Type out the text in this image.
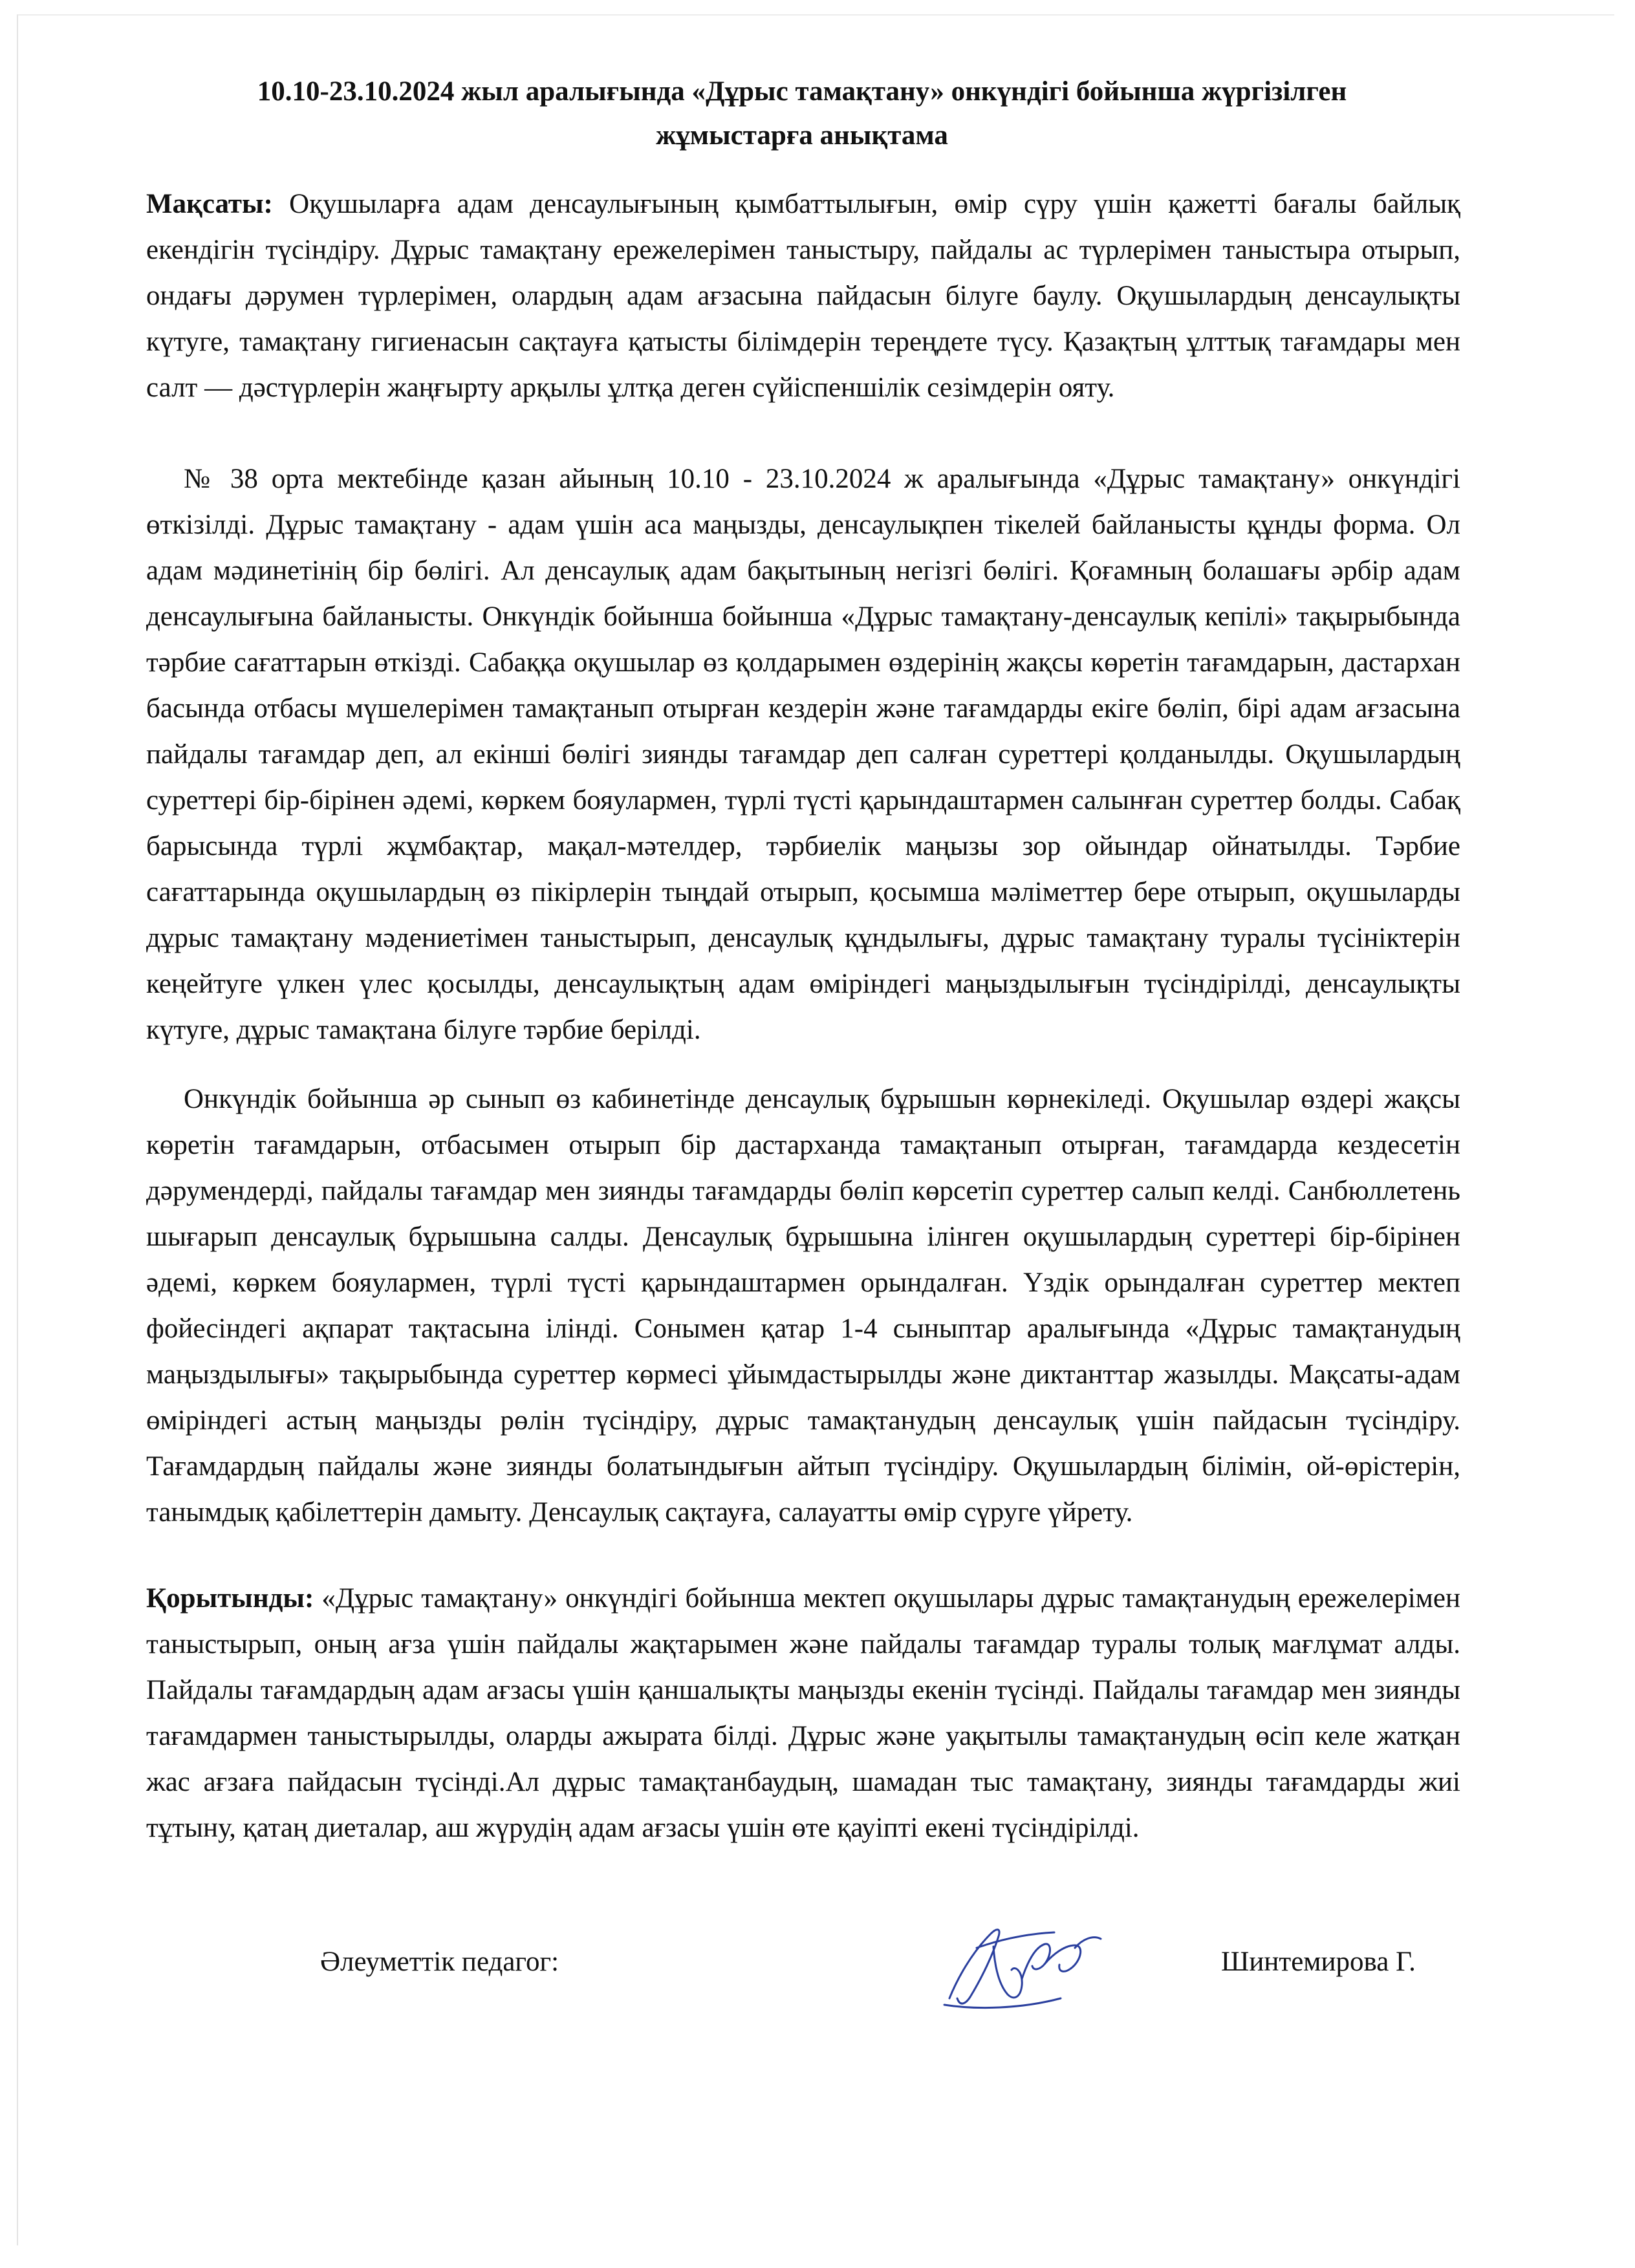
10.10-23.10.2024 жыл аралығында «Дұрыс тамақтану» онкүндігі бойынша жүргізілген
жұмыстарға анықтама

Мақсаты: Оқушыларға адам денсаулығының қымбаттылығын, өмір сүру үшін қажетті бағалы байлық екендігін түсіндіру. Дұрыс тамақтану ережелерімен таныстыру, пайдалы ас түрлерімен таныстыра отырып, ондағы дәрумен түрлерімен, олардың адам ағзасына пайдасын білуге баулу. Оқушылардың денсаулықты күтуге, тамақтану гигиенасын сақтауға қатысты білімдерін тереңдете түсу. Қазақтың ұлттық тағамдары мен салт — дәстүрлерін жаңғырту арқылы ұлтқа деген сүйіспеншілік сезімдерін ояту.

№ 38 орта мектебінде қазан айының 10.10 - 23.10.2024 ж аралығында «Дұрыс тамақтану» онкүндігі өткізілді. Дұрыс тамақтану - адам үшін аса маңызды, денсаулықпен тікелей байланысты құнды форма. Ол адам мәдинетінің бір бөлігі. Ал денсаулық адам бақытының негізгі бөлігі. Қоғамның болашағы әрбір адам денсаулығына байланысты. Онкүндік бойынша бойынша «Дұрыс тамақтану-денсаулық кепілі» тақырыбында тәрбие сағаттарын өткізді. Сабаққа оқушылар өз қолдарымен өздерінің жақсы көретін тағамдарын, дастархан басында отбасы мүшелерімен тамақтанып отырған кездерін және тағамдарды екіге бөліп, бірі адам ағзасына пайдалы тағамдар деп, ал екінші бөлігі зиянды тағамдар деп салған суреттері қолданылды. Оқушылардың суреттері бір-бірінен әдемі, көркем бояулармен, түрлі түсті қарындаштармен салынған суреттер болды. Сабақ барысында түрлі жұмбақтар, мақал-мәтелдер, тәрбиелік маңызы зор ойындар ойнатылды. Тәрбие сағаттарында оқушылардың өз пікірлерін тыңдай отырып, қосымша мәліметтер бере отырып, оқушыларды дұрыс тамақтану мәдениетімен таныстырып, денсаулық құндылығы, дұрыс тамақтану туралы түсініктерін кеңейтуге үлкен үлес қосылды, денсаулықтың адам өміріндегі маңыздылығын түсіндірілді, денсаулықты күтуге, дұрыс тамақтана білуге тәрбие берілді.

Онкүндік бойынша әр сынып өз кабинетінде денсаулық бұрышын көрнекіледі. Оқушылар өздері жақсы көретін тағамдарын, отбасымен отырып бір дастарханда тамақтанып отырған, тағамдарда кездесетін дәрумендерді, пайдалы тағамдар мен зиянды тағамдарды бөліп көрсетіп суреттер салып келді. Санбюллетень шығарып денсаулық бұрышына салды. Денсаулық бұрышына ілінген оқушылардың суреттері бір-бірінен әдемі, көркем бояулармен, түрлі түсті қарындаштармен орындалған. Үздік орындалған суреттер мектеп фойесіндегі ақпарат тақтасына ілінді. Сонымен қатар 1-4 сыныптар аралығында «Дұрыс тамақтанудың маңыздылығы» тақырыбында суреттер көрмесі ұйымдастырылды және диктанттар жазылды. Мақсаты-адам өміріндегі астың маңызды рөлін түсіндіру, дұрыс тамақтанудың денсаулық үшін пайдасын түсіндіру. Тағамдардың пайдалы және зиянды болатындығын айтып түсіндіру. Оқушылардың білімін, ой-өрістерін, танымдық қабілеттерін дамыту. Денсаулық сақтауға, салауатты өмір сүруге үйрету.

Қорытынды: «Дұрыс тамақтану» онкүндігі бойынша мектеп оқушылары дұрыс тамақтанудың ережелерімен таныстырып, оның ағза үшін пайдалы жақтарымен және пайдалы тағамдар туралы толық мағлұмат алды. Пайдалы тағамдардың адам ағзасы үшін қаншалықты маңызды екенін түсінді. Пайдалы тағамдар мен зиянды тағамдармен таныстырылды, оларды ажырата білді. Дұрыс және уақытылы тамақтанудың өсіп келе жатқан жас ағзаға пайдасын түсінді.Ал дұрыс тамақтанбаудың, шамадан тыс тамақтану, зиянды тағамдарды жиі тұтыну, қатаң диеталар, аш жүрудің адам ағзасы үшін өте қауіпті екені түсіндірілді.

Әлеуметтік педагог:	Шинтемирова Г.
